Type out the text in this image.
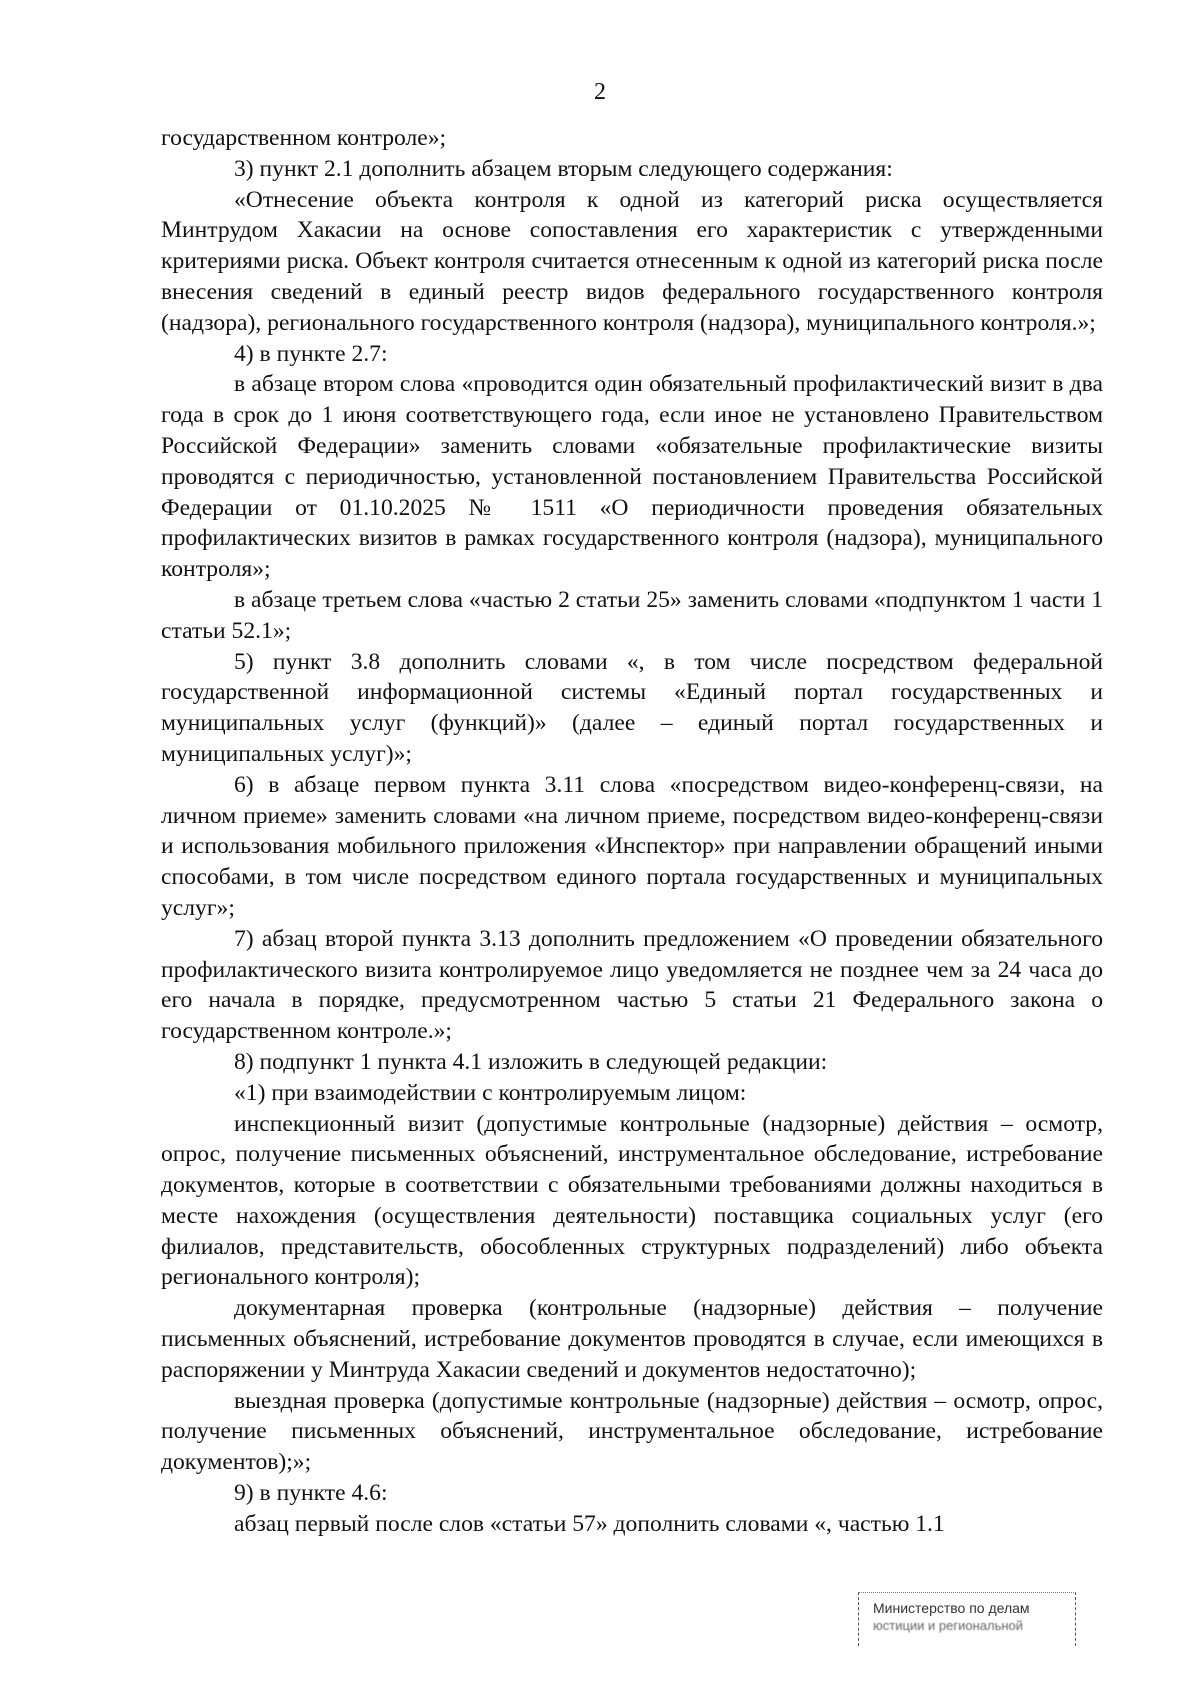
2

государственном контроле»;

3) пункт 2.1 дополнить абзацем вторым следующего содержания:

«Отнесение объекта контроля к одной из категорий риска осуществляется Минтрудом Хакасии на основе сопоставления его характеристик с утвержденными критериями риска. Объект контроля считается отнесенным к одной из категорий риска после внесения сведений в единый реестр видов федерального государственного контроля (надзора), регионального государственного контроля (надзора), муниципального контроля.»;

4) в пункте 2.7:

в абзаце втором слова «проводится один обязательный профилактический визит в два года в срок до 1 июня соответствующего года, если иное не установлено Правительством Российской Федерации» заменить словами «обязательные профилактические визиты проводятся с периодичностью, установленной постановлением Правительства Российской Федерации от 01.10.2025 № 1511 «О периодичности проведения обязательных профилактических визитов в рамках государственного контроля (надзора), муниципального контроля»;

в абзаце третьем слова «частью 2 статьи 25» заменить словами «подпунктом 1 части 1 статьи 52.1»;

5) пункт 3.8 дополнить словами «, в том числе посредством федеральной государственной информационной системы «Единый портал государственных и муниципальных услуг (функций)» (далее – единый портал государственных и муниципальных услуг)»;

6) в абзаце первом пункта 3.11 слова «посредством видео-конференц-связи, на личном приеме» заменить словами «на личном приеме, посредством видео-конференц-связи и использования мобильного приложения «Инспектор» при направлении обращений иными способами, в том числе посредством единого портала государственных и муниципальных услуг»;

7) абзац второй пункта 3.13 дополнить предложением «О проведении обязательного профилактического визита контролируемое лицо уведомляется не позднее чем за 24 часа до его начала в порядке, предусмотренном частью 5 статьи 21 Федерального закона о государственном контроле.»;

8) подпункт 1 пункта 4.1 изложить в следующей редакции:

«1) при взаимодействии с контролируемым лицом:

инспекционный визит (допустимые контрольные (надзорные) действия – осмотр, опрос, получение письменных объяснений, инструментальное обследование, истребование документов, которые в соответствии с обязательными требованиями должны находиться в месте нахождения (осуществления деятельности) поставщика социальных услуг (его филиалов, представительств, обособленных структурных подразделений) либо объекта регионального контроля);

документарная проверка (контрольные (надзорные) действия – получение письменных объяснений, истребование документов проводятся в случае, если имеющихся в распоряжении у Минтруда Хакасии сведений и документов недостаточно);

выездная проверка (допустимые контрольные (надзорные) действия – осмотр, опрос, получение письменных объяснений, инструментальное обследование, истребование документов);»;

9) в пункте 4.6:

абзац первый после слов «статьи 57» дополнить словами «, частью 1.1

Министерство по делам
юстиции и региональной
